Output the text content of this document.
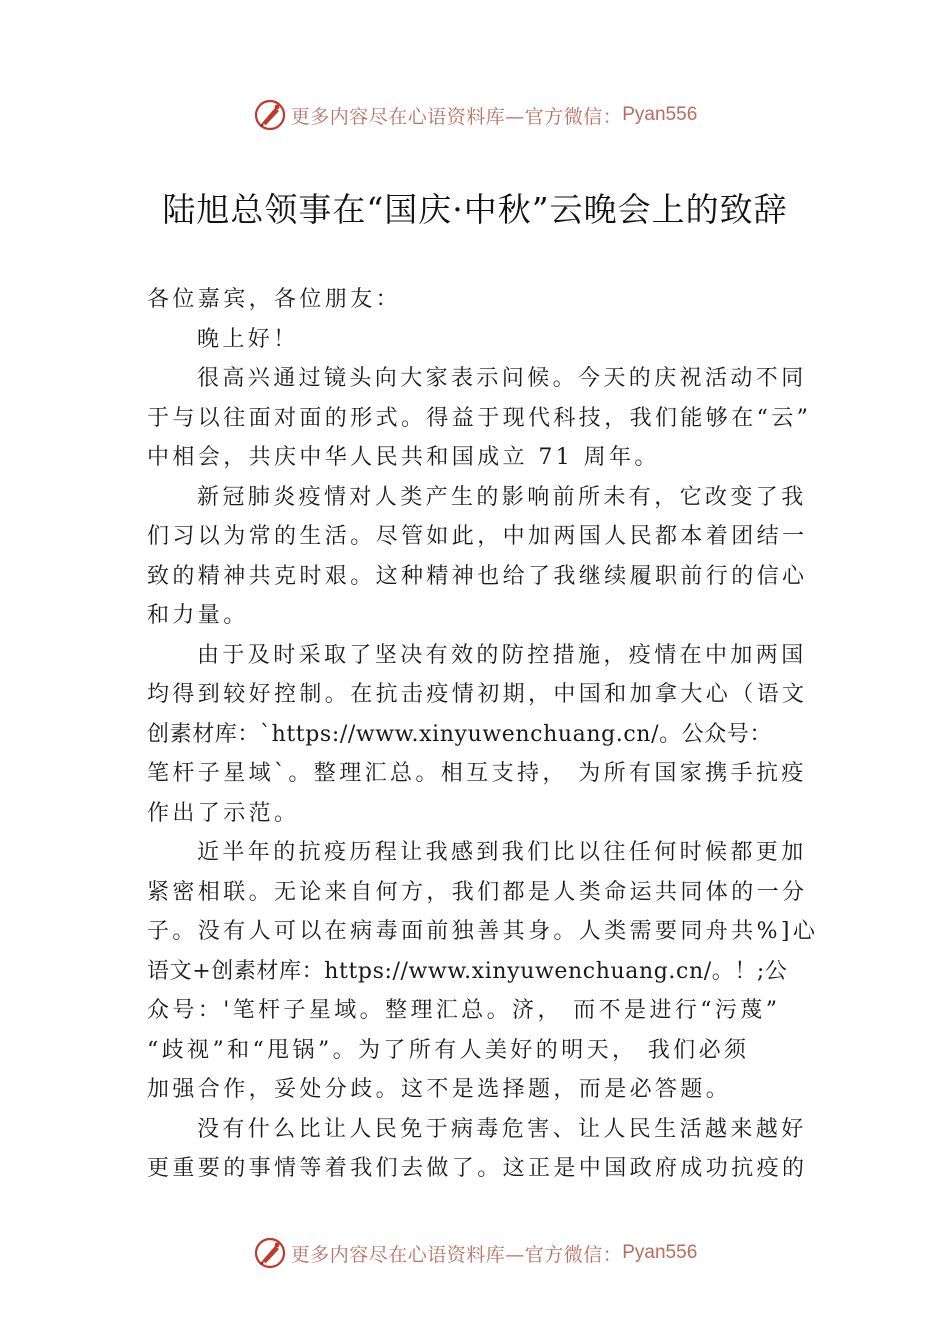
更多内容尽在心语资料库—官方微信： Pyan556
陆旭总领事在“国庆·中秋”云晚会上的致辞
各位嘉宾，各位朋友：
晚上好！
很高兴通过镜头向大家表示问候。今天的庆祝活动不同
于与以往面对面的形式。得益于现代科技，我们能够在“云”
中相会，共庆中华人民共和国成立 71 周年。
新冠肺炎疫情对人类产生的影响前所未有，它改变了我
们习以为常的生活。尽管如此，中加两国人民都本着团结一
致的精神共克时艰。这种精神也给了我继续履职前行的信心
和力量。
由于及时采取了坚决有效的防控措施，疫情在中加两国
均得到较好控制。在抗击疫情初期，中国和加拿大心（语文
创素材库：`https://www.xinyuwenchuang.cn/。公众号：
笔杆子星域`。整理汇总。相互支持， 为所有国家携手抗疫
作出了示范。
近半年的抗疫历程让我感到我们比以往任何时候都更加
紧密相联。无论来自何方，我们都是人类命运共同体的一分
子。没有人可以在病毒面前独善其身。人类需要同舟共%]心
语文+创素材库：https://www.xinyuwenchuang.cn/。！;公
众号：'笔杆子星域。整理汇总。济， 而不是进行“污蔑”
“歧视”和“甩锅”。为了所有人美好的明天， 我们必须
加强合作，妥处分歧。这不是选择题，而是必答题。
没有什么比让人民免于病毒危害、让人民生活越来越好
更重要的事情等着我们去做了。这正是中国政府成功抗疫的
更多内容尽在心语资料库—官方微信： Pyan556
